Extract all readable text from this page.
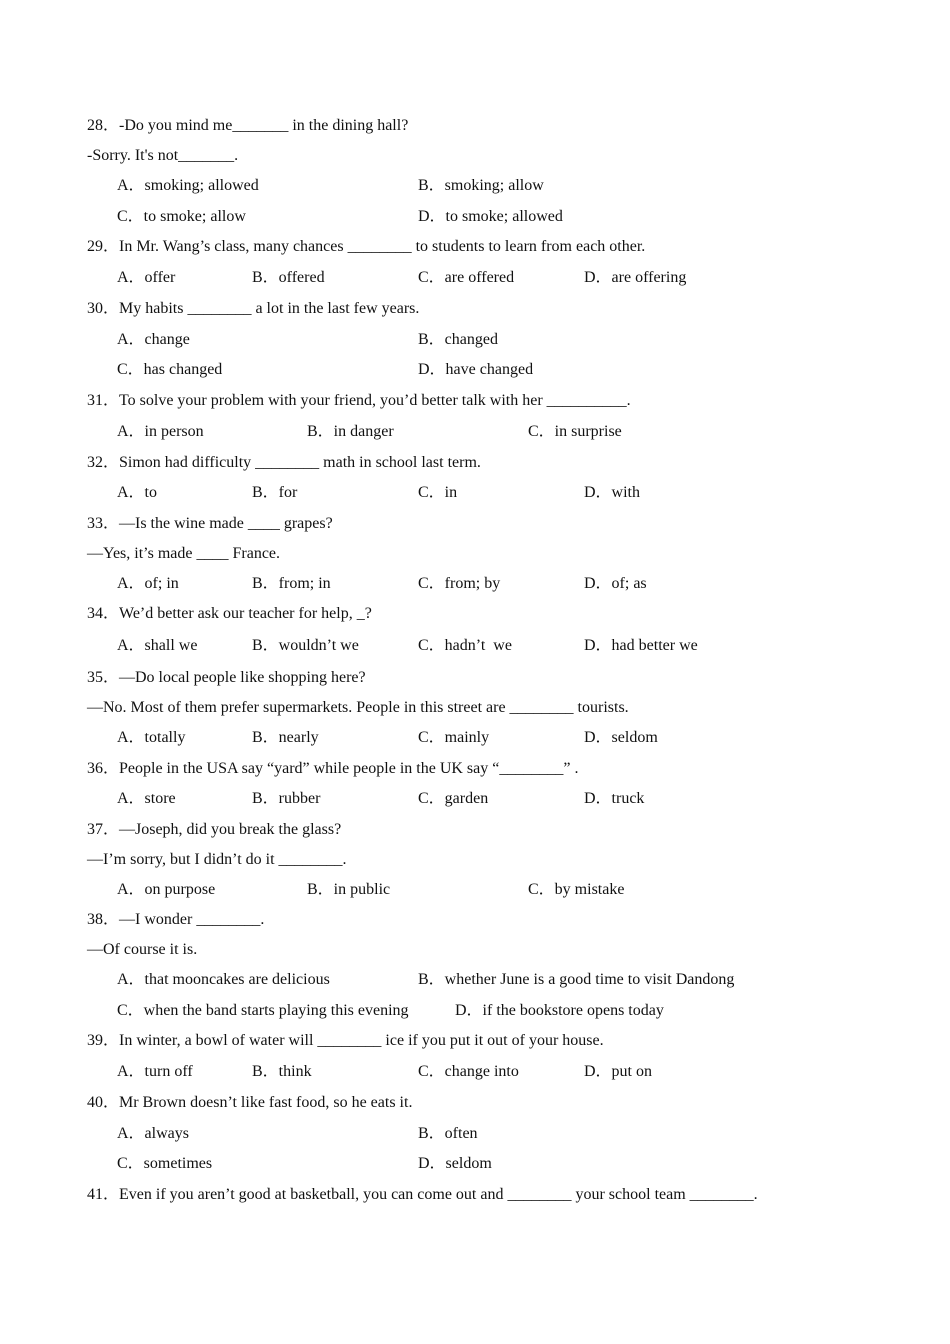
28．-Do you mind me_______ in the dining hall?
-Sorry. It's not_______.
A．smoking; allowed	B．smoking; allow
C．to smoke; allow	D．to smoke; allowed
29．In Mr. Wang’s class, many chances ________ to students to learn from each other.
A．offer	B．offered	C．are offered	D．are offering
30．My habits ________ a lot in the last few years.
A．change	B．changed
C．has changed	D．have changed
31．To solve your problem with your friend, you’d better talk with her __________.
A．in person	B．in danger	C．in surprise
32．Simon had difficulty ________ math in school last term.
A．to	B．for	C．in	D．with
33．—Is the wine made ____ grapes?
—Yes, it’s made ____ France.
A．of; in	B．from; in	C．from; by	D．of; as
34．We’d better ask our teacher for help, _?
A．shall we	B．wouldn’t we	C．hadn’t  we	D．had better we
35．—Do local people like shopping here?
—No. Most of them prefer supermarkets. People in this street are ________ tourists.
A．totally	B．nearly	C．mainly	D．seldom
36．People in the USA say “yard” while people in the UK say “________” .
A．store	B．rubber	C．garden	D．truck
37．—Joseph, did you break the glass?
—I’m sorry, but I didn’t do it ________.
A．on purpose	B．in public	C．by mistake
38．—I wonder ________.
—Of course it is.
A．that mooncakes are delicious	B．whether June is a good time to visit Dandong
C．when the band starts playing this evening	D．if the bookstore opens today
39．In winter, a bowl of water will ________ ice if you put it out of your house.
A．turn off	B．think	C．change into	D．put on
40．Mr Brown doesn’t like fast food, so he eats it.
A．always	B．often
C．sometimes	D．seldom
41．Even if you aren’t good at basketball, you can come out and ________ your school team ________.
